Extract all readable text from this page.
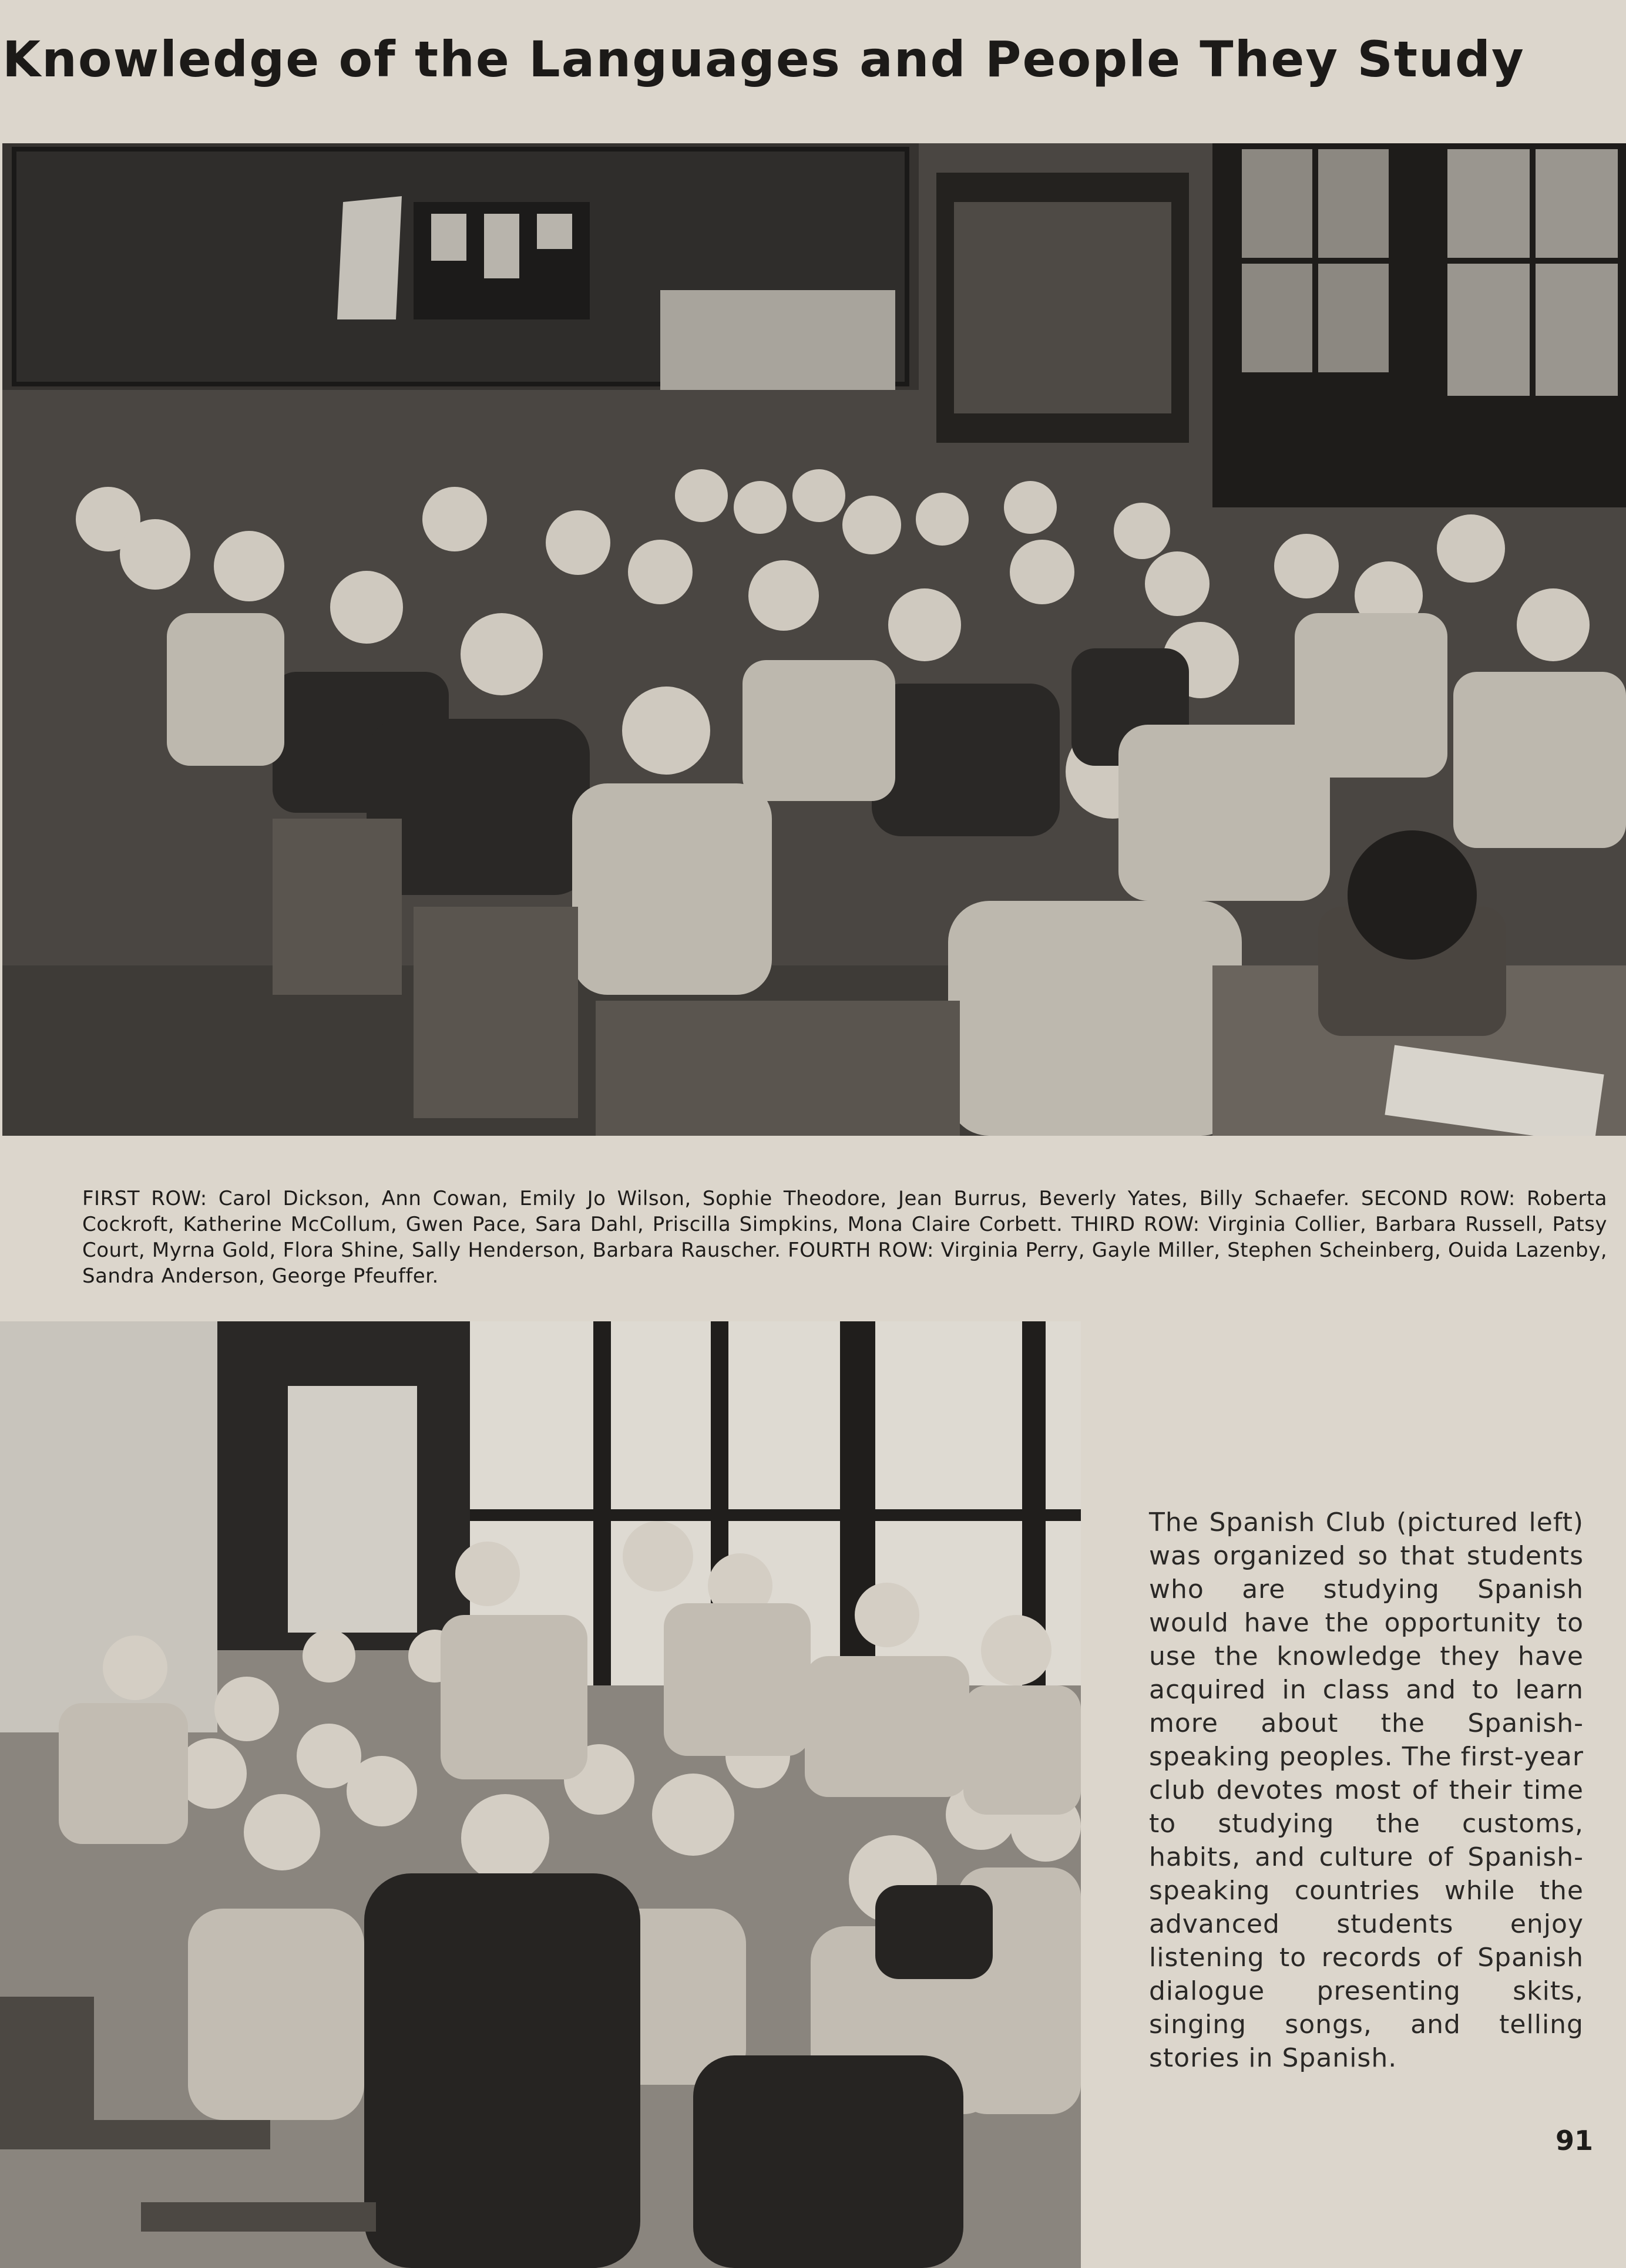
Knowledge of the Languages and People They Study

FIRST ROW: Carol Dickson, Ann Cowan, Emily Jo Wilson, Sophie Theodore, Jean Burrus, Beverly Yates, Billy Schaefer. SECOND ROW: Roberta Cockroft, Katherine McCollum, Gwen Pace, Sara Dahl, Priscilla Simpkins, Mona Claire Corbett. THIRD ROW: Virginia Collier, Barbara Russell, Patsy Court, Myrna Gold, Flora Shine, Sally Henderson, Barbara Rauscher. FOURTH ROW: Virginia Perry, Gayle Miller, Stephen Scheinberg, Ouida Lazenby, Sandra Anderson, George Pfeuffer.

The Spanish Club (pictured left) was organized so that students who are studying Spanish would have the opportunity to use the knowledge they have acquired in class and to learn more about the Spanish-speaking peoples. The first-year club devotes most of their time to studying the customs, habits, and culture of Spanish-speaking countries while the advanced students enjoy listening to records of Spanish dialogue presenting skits, singing songs, and telling stories in Spanish.

91
